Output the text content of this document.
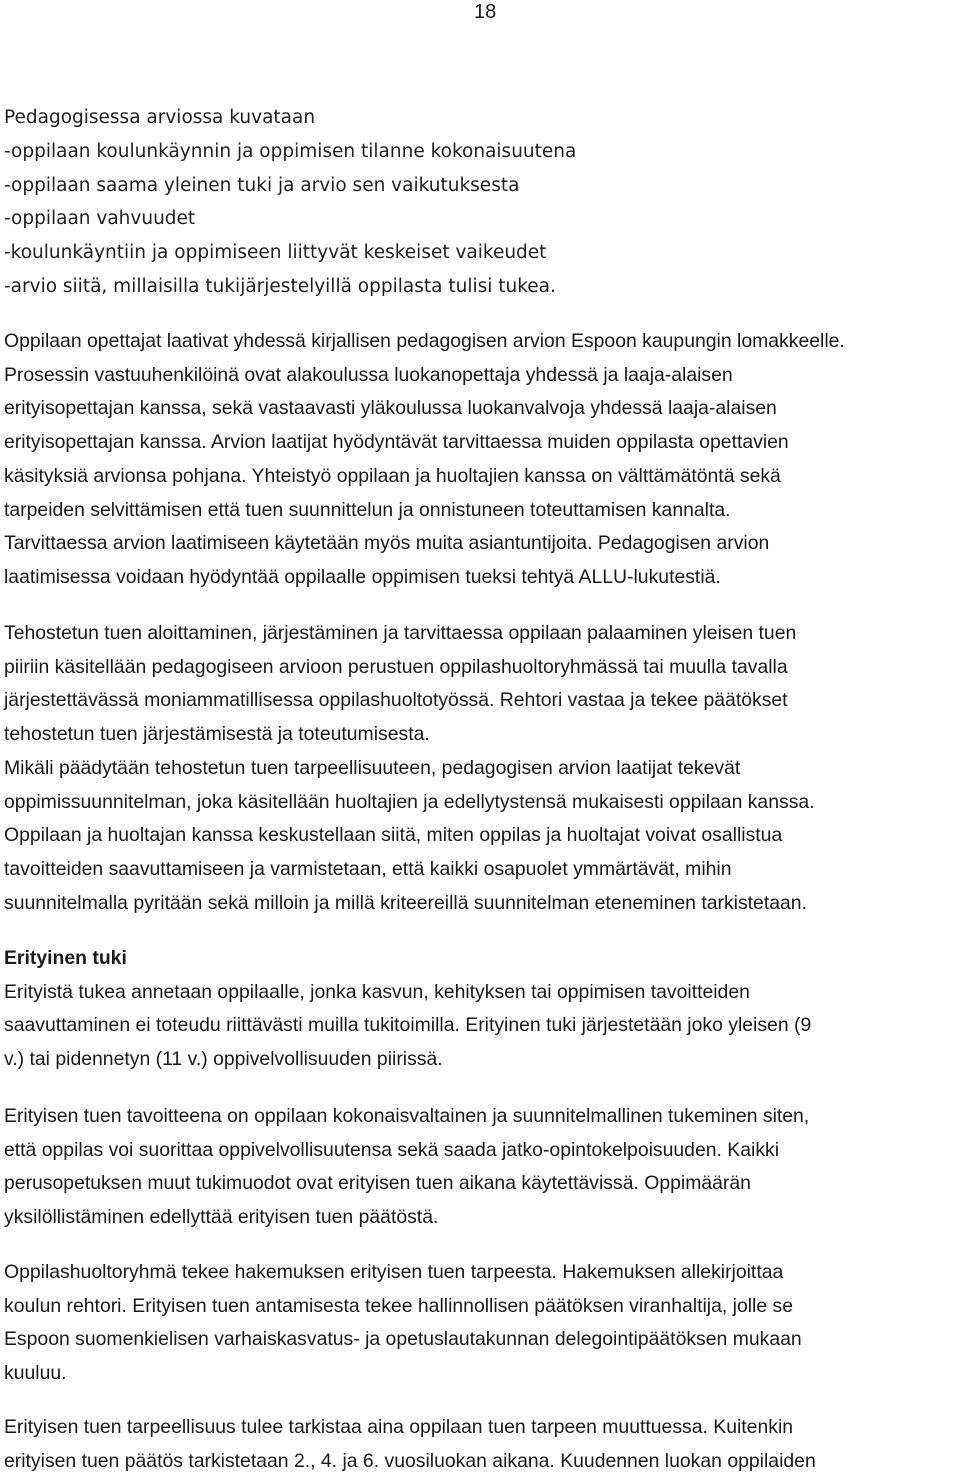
18
Pedagogisessa arviossa kuvataan
-oppilaan koulunkäynnin ja oppimisen tilanne kokonaisuutena
-oppilaan saama yleinen tuki ja arvio sen vaikutuksesta
-oppilaan vahvuudet
-koulunkäyntiin ja oppimiseen liittyvät keskeiset vaikeudet
-arvio siitä, millaisilla tukijärjestelyillä oppilasta tulisi tukea.
Oppilaan opettajat laativat yhdessä kirjallisen pedagogisen arvion Espoon kaupungin lomakkeelle.
Prosessin vastuuhenkilöinä ovat alakoulussa luokanopettaja yhdessä ja laaja-alaisen
erityisopettajan kanssa, sekä vastaavasti yläkoulussa luokanvalvoja yhdessä laaja-alaisen
erityisopettajan kanssa. Arvion laatijat hyödyntävät tarvittaessa muiden oppilasta opettavien
käsityksiä arvionsa pohjana. Yhteistyö oppilaan ja huoltajien kanssa on välttämätöntä sekä
tarpeiden selvittämisen että tuen suunnittelun ja onnistuneen toteuttamisen kannalta.
Tarvittaessa arvion laatimiseen käytetään myös muita asiantuntijoita. Pedagogisen arvion
laatimisessa voidaan hyödyntää oppilaalle oppimisen tueksi tehtyä ALLU-lukutestiä.
Tehostetun tuen aloittaminen, järjestäminen ja tarvittaessa oppilaan palaaminen yleisen tuen
piiriin käsitellään pedagogiseen arvioon perustuen oppilashuoltoryhmässä tai muulla tavalla
järjestettävässä moniammatillisessa oppilashuoltotyössä. Rehtori vastaa ja tekee päätökset
tehostetun tuen järjestämisestä ja toteutumisesta.
Mikäli päädytään tehostetun tuen tarpeellisuuteen, pedagogisen arvion laatijat tekevät
oppimissuunnitelman, joka käsitellään huoltajien ja edellytystensä mukaisesti oppilaan kanssa.
Oppilaan ja huoltajan kanssa keskustellaan siitä, miten oppilas ja huoltajat voivat osallistua
tavoitteiden saavuttamiseen ja varmistetaan, että kaikki osapuolet ymmärtävät, mihin
suunnitelmalla pyritään sekä milloin ja millä kriteereillä suunnitelman eteneminen tarkistetaan.
Erityinen tuki
Erityistä tukea annetaan oppilaalle, jonka kasvun, kehityksen tai oppimisen tavoitteiden
saavuttaminen ei toteudu riittävästi muilla tukitoimilla. Erityinen tuki järjestetään joko yleisen (9
v.) tai pidennetyn (11 v.) oppivelvollisuuden piirissä.
Erityisen tuen tavoitteena on oppilaan kokonaisvaltainen ja suunnitelmallinen tukeminen siten,
että oppilas voi suorittaa oppivelvollisuutensa sekä saada jatko-opintokelpoisuuden. Kaikki
perusopetuksen muut tukimuodot ovat erityisen tuen aikana käytettävissä. Oppimäärän
yksilöllistäminen edellyttää erityisen tuen päätöstä.
Oppilashuoltoryhmä tekee hakemuksen erityisen tuen tarpeesta. Hakemuksen allekirjoittaa
koulun rehtori. Erityisen tuen antamisesta tekee hallinnollisen päätöksen viranhaltija, jolle se
Espoon suomenkielisen varhaiskasvatus- ja opetuslautakunnan delegointipäätöksen mukaan
kuuluu.
Erityisen tuen tarpeellisuus tulee tarkistaa aina oppilaan tuen tarpeen muuttuessa. Kuitenkin
erityisen tuen päätös tarkistetaan 2., 4. ja 6. vuosiluokan aikana. Kuudennen luokan oppilaiden
